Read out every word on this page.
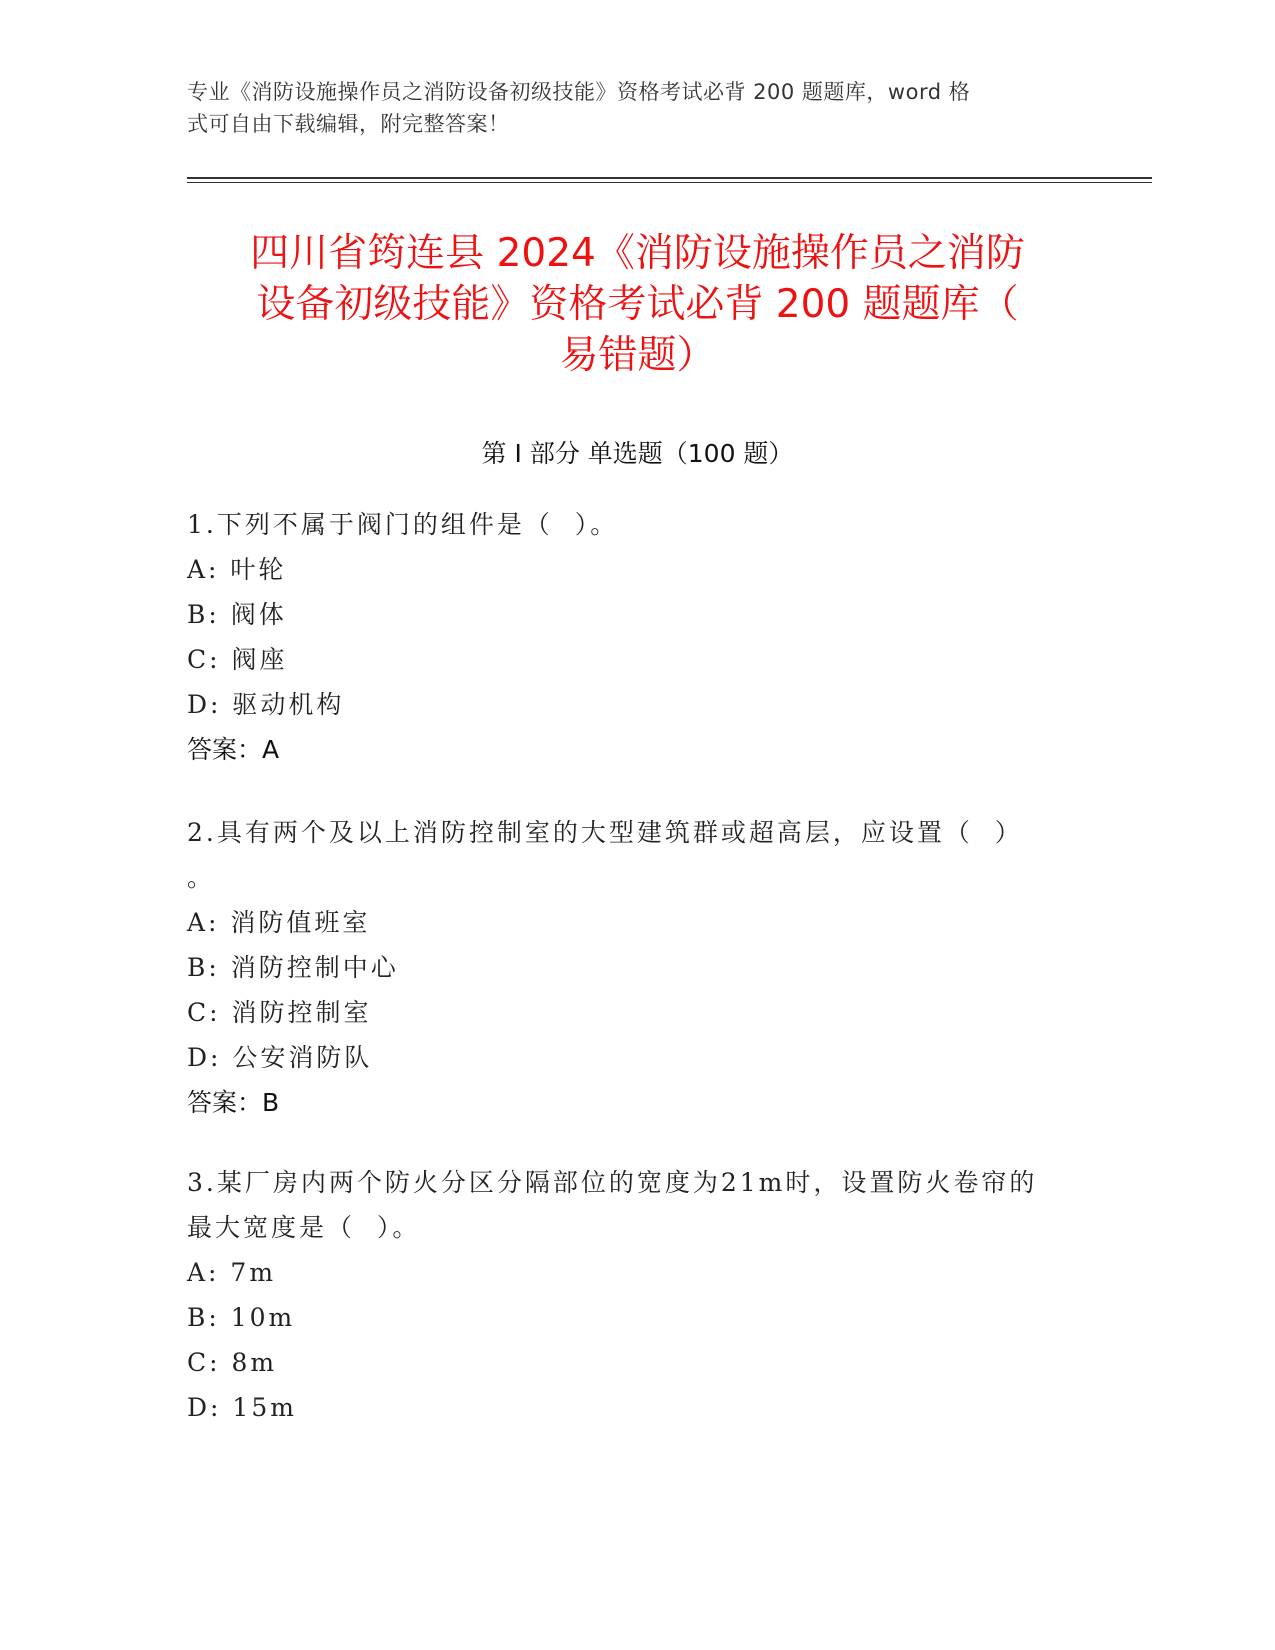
专业《消防设施操作员之消防设备初级技能》资格考试必背 200 题题库，word 格
式可自由下载编辑，附完整答案！
四川省筠连县 2024《消防设施操作员之消防
设备初级技能》资格考试必背 200 题题库（
易错题）
第 I 部分 单选题（100 题）
1.下列不属于阀门的组件是（  ）。
A: 叶轮
B: 阀体
C: 阀座
D: 驱动机构
答案：A
2.具有两个及以上消防控制室的大型建筑群或超高层，应设置（  ）
。
A: 消防值班室
B: 消防控制中心
C: 消防控制室
D: 公安消防队
答案：B
3.某厂房内两个防火分区分隔部位的宽度为21m时，设置防火卷帘的
最大宽度是（  ）。
A: 7m
B: 10m
C: 8m
D: 15m
